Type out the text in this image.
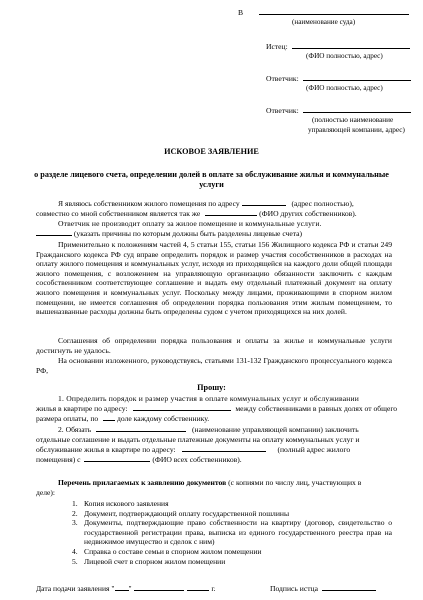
В
(наименование суда)
Истец:
(ФИО полностью, адрес)
Ответчик:
(ФИО полностью, адрес)
Ответчик:
(полностью наименование
управляющей компании, адрес)
ИСКОВОЕ ЗАЯВЛЕНИЕ
о разделе лицевого счета, определении долей в оплате за обслуживание жилья и коммунальные
услуги
Я являюсь собственником жилого помещения по адресу	(адрес полностью),
совместно со мной собственником является так же	(ФИО других собственников).
Ответчик не производит оплату за жилое помещение и коммунальные услуги.
(указать причины по которым должны быть разделены лицевые счета)
Применительно к положениям частей 4, 5 статьи 155, статьи 156 Жилищного кодекса РФ и статьи 249 Гражданского кодекса РФ суд вправе определить порядок и размер участия сособственников в расходах на оплату жилого помещения и коммунальных услуг, исходя из приходящейся на каждого доли общей площади жилого помещения, с возложением на управляющую организацию обязанности заключить с каждым сособственником соответствующее соглашение и выдать ему отдельный платежный документ на оплату жилого помещения и коммунальных услуг. Поскольку между лицами, проживающими в спорном жилом помещении, не имеется соглашения об определении порядка пользования этим жилым помещением, то вышеназванные расходы должны быть определены судом с учетом приходящихся на них долей.
Соглашения об определении порядка пользования и оплаты за жилье и коммунальные услуги достигнуть не удалось.
На основании изложенного, руководствуясь, статьями 131-132 Гражданского процессуального кодекса РФ,
Прошу:
1. Определить порядок и размер участия в оплате коммунальных услуг и обслуживании
жилья в квартире по адресу:	между собственниками в равных долях от общего
размера оплаты, по доле каждому собственнику.
2. Обязать	(наименование управляющей компании) заключить
отдельные соглашение и выдать отдельные платежные документы на оплату коммунальных услуг и
обслуживание жилья в квартире по адресу:	(полный адрес жилого
помещения) с	(ФИО всех собственников).
Перечень прилагаемых к заявлению документов (с копиями по числу лиц, участвующих в
деле):
1. Копия искового заявления
2. Документ, подтверждающий оплату государственной пошлины
3. Документы, подтверждающие право собственности на квартиру (договор, свидетельство о государственной регистрации права, выписка из единого государственного реестра прав на недвижимое имущество и сделок с ним)
4. Справка о составе семьи в спорном жилом помещении
5. Лицевой счет в спорном жилом помещении
Дата подачи заявления " "	г.	Подпись истца
